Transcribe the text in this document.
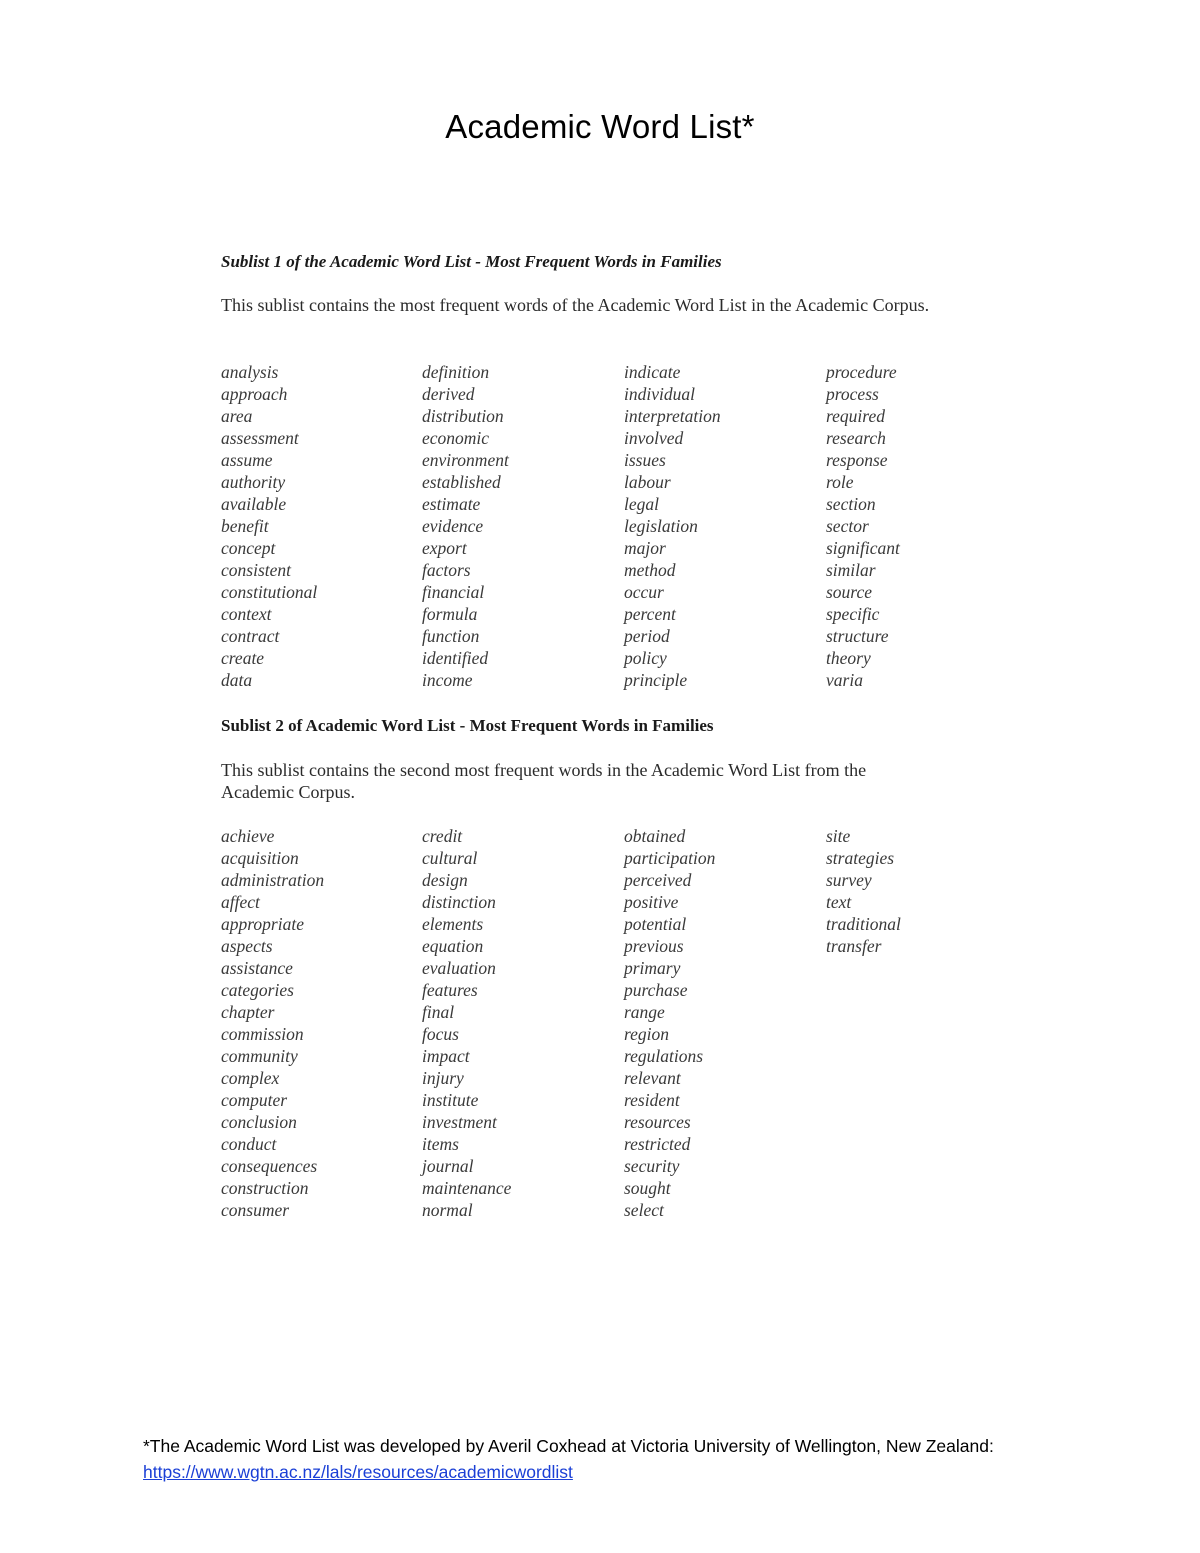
Academic Word List*
Sublist 1 of the Academic Word List - Most Frequent Words in Families

This sublist contains the most frequent words of the Academic Word List in the Academic Corpus.

analysis
approach
area
assessment
assume
authority
available
benefit
concept
consistent
constitutional
context
contract
create
data
definition
derived
distribution
economic
environment
established
estimate
evidence
export
factors
financial
formula
function
identified
income
indicate
individual
interpretation
involved
issues
labour
legal
legislation
major
method
occur
percent
period
policy
principle
procedure
process
required
research
response
role
section
sector
significant
similar
source
specific
structure
theory
varia
Sublist 2 of Academic Word List - Most Frequent Words in Families

This sublist contains the second most frequent words in the Academic Word List from the Academic Corpus.

achieve
acquisition
administration
affect
appropriate
aspects
assistance
categories
chapter
commission
community
complex
computer
conclusion
conduct
consequences
construction
consumer
credit
cultural
design
distinction
elements
equation
evaluation
features
final
focus
impact
injury
institute
investment
items
journal
maintenance
normal
obtained
participation
perceived
positive
potential
previous
primary
purchase
range
region
regulations
relevant
resident
resources
restricted
security
sought
select
site
strategies
survey
text
traditional
transfer

*The Academic Word List was developed by Averil Coxhead at Victoria University of Wellington, New Zealand: https://www.wgtn.ac.nz/lals/resources/academicwordlist
